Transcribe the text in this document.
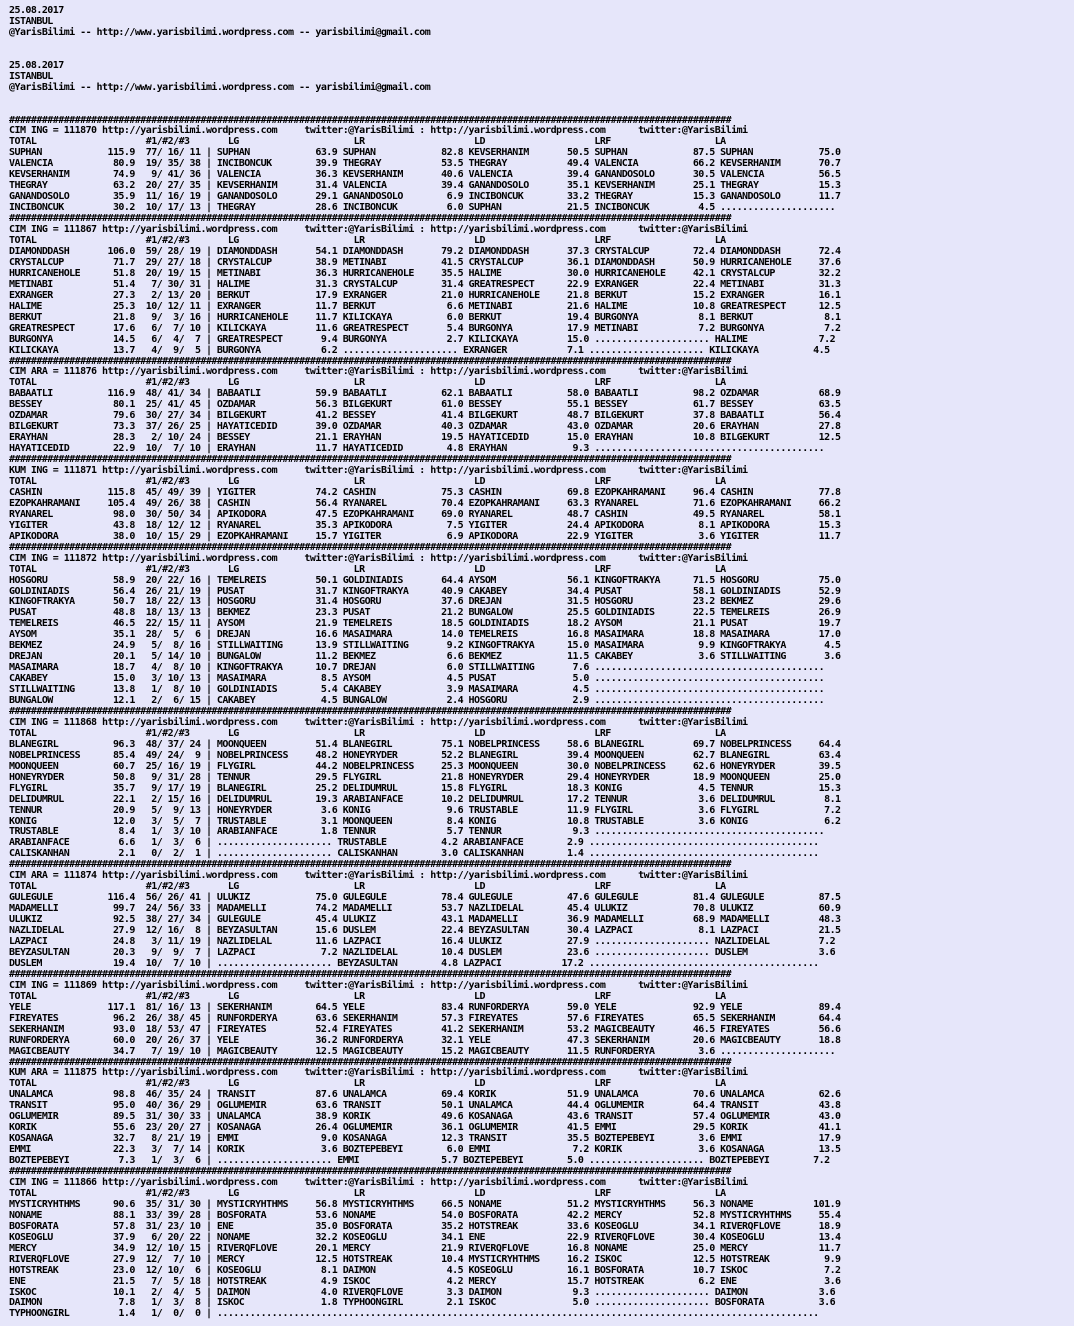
25.08.2017
ISTANBUL
@YarisBilimi -- http://www.yarisbilimi.wordpress.com -- yarisbilimi@gmail.com

25.08.2017
ISTANBUL
@YarisBilimi -- http://www.yarisbilimi.wordpress.com -- yarisbilimi@gmail.com

####################################################################################################################################
CIM ING = 111870 http://yarisbilimi.wordpress.com     twitter:@YarisBilimi : http://yarisbilimi.wordpress.com      twitter:@YarisBilimi
TOTAL                    #1/#2/#3       LG                     LR                    LD                    LRF                   LA
SUPHAN            115.9  77/ 16/ 11 | SUPHAN            63.9 SUPHAN            82.8 KEVSERHANIM       50.5 SUPHAN            87.5 SUPHAN            75.0
VALENCIA           80.9  19/ 35/ 38 | INCIBONCUK        39.9 THEGRAY           53.5 THEGRAY           49.4 VALENCIA          66.2 KEVSERHANIM       70.7
KEVSERHANIM        74.9   9/ 41/ 36 | VALENCIA          36.3 KEVSERHANIM       40.6 VALENCIA          39.4 GANANDOSOLO       30.5 VALENCIA          56.5
THEGRAY            63.2  20/ 27/ 35 | KEVSERHANIM       31.4 VALENCIA          39.4 GANANDOSOLO       35.1 KEVSERHANIM       25.1 THEGRAY           15.3
GANANDOSOLO        35.9  11/ 16/ 19 | GANANDOSOLO       29.1 GANANDOSOLO        6.9 INCIBONCUK        33.2 THEGRAY           15.3 GANANDOSOLO       11.7
INCIBONCUK         30.2  10/ 17/ 13 | THEGRAY           28.6 INCIBONCUK         6.0 SUPHAN            21.5 INCIBONCUK         4.5 .....................
####################################################################################################################################
CIM ING = 111867 http://yarisbilimi.wordpress.com     twitter:@YarisBilimi : http://yarisbilimi.wordpress.com      twitter:@YarisBilimi
TOTAL                    #1/#2/#3       LG                     LR                    LD                    LRF                   LA
DIAMONDDASH       106.0  59/ 28/ 19 | DIAMONDDASH       54.1 DIAMONDDASH       79.2 DIAMONDDASH       37.3 CRYSTALCUP        72.4 DIAMONDDASH       72.4
CRYSTALCUP         71.7  29/ 27/ 18 | CRYSTALCUP        38.9 METINABI          41.5 CRYSTALCUP        36.1 DIAMONDDASH       50.9 HURRICANEHOLE     37.6
HURRICANEHOLE      51.8  20/ 19/ 15 | METINABI          36.3 HURRICANEHOLE     35.5 HALIME            30.0 HURRICANEHOLE     42.1 CRYSTALCUP        32.2
METINABI           51.4   7/ 30/ 31 | HALIME            31.3 CRYSTALCUP        31.4 GREATRESPECT      22.9 EXRANGER          22.4 METINABI          31.3
EXRANGER           27.3   2/ 13/ 20 | BERKUT            17.9 EXRANGER          21.0 HURRICANEHOLE     21.8 BERKUT            15.2 EXRANGER          16.1
HALIME             25.3  10/ 12/ 11 | EXRANGER          11.7 BERKUT             6.6 METINABI          21.6 HALIME            10.8 GREATRESPECT      12.5
BERKUT             21.8   9/  3/ 16 | HURRICANEHOLE     11.7 KILICKAYA          6.0 BERKUT            19.4 BURGONYA           8.1 BERKUT             8.1
GREATRESPECT       17.6   6/  7/ 10 | KILICKAYA         11.6 GREATRESPECT       5.4 BURGONYA          17.9 METINABI           7.2 BURGONYA           7.2
BURGONYA           14.5   6/  4/  7 | GREATRESPECT       9.4 BURGONYA           2.7 KILICKAYA         15.0 ..................... HALIME             7.2
KILICKAYA          13.7   4/  9/  5 | BURGONYA           6.2 ..................... EXRANGER           7.1 ..................... KILICKAYA          4.5
####################################################################################################################################
CIM ARA = 111876 http://yarisbilimi.wordpress.com     twitter:@YarisBilimi : http://yarisbilimi.wordpress.com      twitter:@YarisBilimi
TOTAL                    #1/#2/#3       LG                     LR                    LD                    LRF                   LA
BABAATLI          116.9  48/ 41/ 34 | BABAATLI          59.9 BABAATLI          62.1 BABAATLI          58.0 BABAATLI          98.2 OZDAMAR           68.9
BESSEY             80.1  25/ 41/ 45 | OZDAMAR           56.3 BILGEKURT         61.0 BESSEY            55.1 BESSEY            61.7 BESSEY            63.5
OZDAMAR            79.6  30/ 27/ 34 | BILGEKURT         41.2 BESSEY            41.4 BILGEKURT         48.7 BILGEKURT         37.8 BABAATLI          56.4
BILGEKURT          73.3  37/ 26/ 25 | HAYATICEDID       39.0 OZDAMAR           40.3 OZDAMAR           43.0 OZDAMAR           20.6 ERAYHAN           27.8
ERAYHAN            28.3   2/ 10/ 24 | BESSEY            21.1 ERAYHAN           19.5 HAYATICEDID       15.0 ERAYHAN           10.8 BILGEKURT         12.5
HAYATICEDID        22.9  10/  7/ 10 | ERAYHAN           11.7 HAYATICEDID        4.8 ERAYHAN            9.3 ..........................................
####################################################################################################################################
KUM ING = 111871 http://yarisbilimi.wordpress.com     twitter:@YarisBilimi : http://yarisbilimi.wordpress.com      twitter:@YarisBilimi
TOTAL                    #1/#2/#3       LG                     LR                    LD                    LRF                   LA
CASHIN            115.8  45/ 49/ 39 | YIGITER           74.2 CASHIN            75.3 CASHIN            69.8 EZOPKAHRAMANI     96.4 CASHIN            77.8
EZOPKAHRAMANI     105.4  49/ 26/ 38 | CASHIN            56.4 RYANAREL          70.4 EZOPKAHRAMANI     63.3 RYANAREL          71.6 EZOPKAHRAMANI     66.2
RYANAREL           98.0  30/ 50/ 34 | APIKODORA         47.5 EZOPKAHRAMANI     69.0 RYANAREL          48.7 CASHIN            49.5 RYANAREL          58.1
YIGITER            43.8  18/ 12/ 12 | RYANAREL          35.3 APIKODORA          7.5 YIGITER           24.4 APIKODORA          8.1 APIKODORA         15.3
APIKODORA          38.0  10/ 15/ 29 | EZOPKAHRAMANI     15.7 YIGITER            6.9 APIKODORA         22.9 YIGITER            3.6 YIGITER           11.7
####################################################################################################################################
CIM ING = 111872 http://yarisbilimi.wordpress.com     twitter:@YarisBilimi : http://yarisbilimi.wordpress.com      twitter:@YarisBilimi
TOTAL                    #1/#2/#3       LG                     LR                    LD                    LRF                   LA
HOSGORU            58.9  20/ 22/ 16 | TEMELREIS         50.1 GOLDINIADIS       64.4 AYSOM             56.1 KINGOFTRAKYA      71.5 HOSGORU           75.0
GOLDINIADIS        56.4  26/ 21/ 19 | PUSAT             31.7 KINGOFTRAKYA      40.9 CAKABEY           34.4 PUSAT             58.1 GOLDINIADIS       52.9
KINGOFTRAKYA       50.7  18/ 22/ 13 | HOSGORU           31.4 HOSGORU           37.6 DREJAN            31.5 HOSGORU           23.2 BEKMEZ            29.6
PUSAT              48.8  18/ 13/ 13 | BEKMEZ            23.3 PUSAT             21.2 BUNGALOW          25.5 GOLDINIADIS       22.5 TEMELREIS         26.9
TEMELREIS          46.5  22/ 15/ 11 | AYSOM             21.9 TEMELREIS         18.5 GOLDINIADIS       18.2 AYSOM             21.1 PUSAT             19.7
AYSOM              35.1  28/  5/  6 | DREJAN            16.6 MASAIMARA         14.0 TEMELREIS         16.8 MASAIMARA         18.8 MASAIMARA         17.0
BEKMEZ             24.9   5/  8/ 16 | STILLWAITING      13.9 STILLWAITING       9.2 KINGOFTRAKYA      15.0 MASAIMARA          9.9 KINGOFTRAKYA       4.5
DREJAN             20.1   5/ 14/ 10 | BUNGALOW          11.2 BEKMEZ             6.6 BEKMEZ            11.5 CAKABEY            3.6 STILLWAITING       3.6
MASAIMARA          18.7   4/  8/ 10 | KINGOFTRAKYA      10.7 DREJAN             6.0 STILLWAITING       7.6 ..........................................
CAKABEY            15.0   3/ 10/ 13 | MASAIMARA          8.5 AYSOM              4.5 PUSAT              5.0 ..........................................
STILLWAITING       13.8   1/  8/ 10 | GOLDINIADIS        5.4 CAKABEY            3.9 MASAIMARA          4.5 ..........................................
BUNGALOW           12.1   2/  6/ 15 | CAKABEY            4.5 BUNGALOW           2.4 HOSGORU            2.9 ..........................................
####################################################################################################################################
CIM ING = 111868 http://yarisbilimi.wordpress.com     twitter:@YarisBilimi : http://yarisbilimi.wordpress.com      twitter:@YarisBilimi
TOTAL                    #1/#2/#3       LG                     LR                    LD                    LRF                   LA
BLANEGIRL          96.3  48/ 37/ 24 | MOONQUEEN         51.4 BLANEGIRL         75.1 NOBELPRINCESS     58.6 BLANEGIRL         69.7 NOBELPRINCESS     64.4
NOBELPRINCESS      85.4  49/ 24/  9 | NOBELPRINCESS     48.2 HONEYRYDER        52.2 BLANEGIRL         39.4 MOONQUEEN         62.7 BLANEGIRL         63.4
MOONQUEEN          60.7  25/ 16/ 19 | FLYGIRL           44.2 NOBELPRINCESS     25.3 MOONQUEEN         30.0 NOBELPRINCESS     62.6 HONEYRYDER        39.5
HONEYRYDER         50.8   9/ 31/ 28 | TENNUR            29.5 FLYGIRL           21.8 HONEYRYDER        29.4 HONEYRYDER        18.9 MOONQUEEN         25.0
FLYGIRL            35.7   9/ 17/ 19 | BLANEGIRL         25.2 DELIDUMRUL        15.8 FLYGIRL           18.3 KONIG              4.5 TENNUR            15.3
DELIDUMRUL         22.1   2/ 15/ 16 | DELIDUMRUL        19.3 ARABIANFACE       10.2 DELIDUMRUL        17.2 TENNUR             3.6 DELIDUMRUL         8.1
TENNUR             20.9   5/  9/ 13 | HONEYRYDER         3.6 KONIG              9.6 TRUSTABLE         11.9 FLYGIRL            3.6 FLYGIRL            7.2
KONIG              12.0   3/  5/  7 | TRUSTABLE          3.1 MOONQUEEN          8.4 KONIG             10.8 TRUSTABLE          3.6 KONIG              6.2
TRUSTABLE           8.4   1/  3/ 10 | ARABIANFACE        1.8 TENNUR             5.7 TENNUR             9.3 ..........................................
ARABIANFACE         6.6   1/  3/  6 | ..................... TRUSTABLE          4.2 ARABIANFACE        2.9 ..........................................
CALISKANHAN         2.1   0/  2/  1 | ..................... CALISKANHAN        3.0 CALISKANHAN        1.4 ..........................................
####################################################################################################################################
CIM ARA = 111874 http://yarisbilimi.wordpress.com     twitter:@YarisBilimi : http://yarisbilimi.wordpress.com      twitter:@YarisBilimi
TOTAL                    #1/#2/#3       LG                     LR                    LD                    LRF                   LA
GULEGULE          116.4  56/ 26/ 41 | ULUKIZ            75.0 GULEGULE          78.4 GULEGULE          47.6 GULEGULE          81.4 GULEGULE          87.5
MADAMELLI          99.7  24/ 56/ 33 | MADAMELLI         74.2 MADAMELLI         53.7 NAZLIDELAL        45.4 ULUKIZ            70.8 ULUKIZ            60.9
ULUKIZ             92.5  38/ 27/ 34 | GULEGULE          45.4 ULUKIZ            43.1 MADAMELLI         36.9 MADAMELLI         68.9 MADAMELLI         48.3
NAZLIDELAL         27.9  12/ 16/  8 | BEYZASULTAN       15.6 DUSLEM            22.4 BEYZASULTAN       30.4 LAZPACI            8.1 LAZPACI           21.5
LAZPACI            24.8   3/ 11/ 19 | NAZLIDELAL        11.6 LAZPACI           16.4 ULUKIZ            27.9 ..................... NAZLIDELAL         7.2
BEYZASULTAN        20.3   9/  9/  7 | LAZPACI            7.2 NAZLIDELAL        10.4 DUSLEM            23.6 ..................... DUSLEM             3.6
DUSLEM             19.4  10/  7/ 10 | ..................... BEYZASULTAN        4.8 LAZPACI           17.2 ..........................................
####################################################################################################################################
CIM ING = 111869 http://yarisbilimi.wordpress.com     twitter:@YarisBilimi : http://yarisbilimi.wordpress.com      twitter:@YarisBilimi
TOTAL                    #1/#2/#3       LG                     LR                    LD                    LRF                   LA
YELE              117.1  81/ 16/ 13 | SEKERHANIM        64.5 YELE              83.4 RUNFORDERYA       59.0 YELE              92.9 YELE              89.4
FIREYATES          96.2  26/ 38/ 45 | RUNFORDERYA       63.6 SEKERHANIM        57.3 FIREYATES         57.6 FIREYATES         65.5 SEKERHANIM        64.4
SEKERHANIM         93.0  18/ 53/ 47 | FIREYATES         52.4 FIREYATES         41.2 SEKERHANIM        53.2 MAGICBEAUTY       46.5 FIREYATES         56.6
RUNFORDERYA        60.0  20/ 26/ 37 | YELE              36.2 RUNFORDERYA       32.1 YELE              47.3 SEKERHANIM        20.6 MAGICBEAUTY       18.8
MAGICBEAUTY        34.7   7/ 19/ 10 | MAGICBEAUTY       12.5 MAGICBEAUTY       15.2 MAGICBEAUTY       11.5 RUNFORDERYA        3.6 .....................
####################################################################################################################################
KUM ARA = 111875 http://yarisbilimi.wordpress.com     twitter:@YarisBilimi : http://yarisbilimi.wordpress.com      twitter:@YarisBilimi
TOTAL                    #1/#2/#3       LG                     LR                    LD                    LRF                   LA
UNALAMCA           98.8  46/ 35/ 24 | TRANSIT           87.6 UNALAMCA          69.4 KORIK             51.9 UNALAMCA          70.6 UNALAMCA          62.6
TRANSIT            95.0  40/ 36/ 29 | OGLUMEMIR         63.6 TRANSIT           50.1 UNALAMCA          44.4 OGLUMEMIR         64.4 TRANSIT           43.8
OGLUMEMIR          89.5  31/ 30/ 33 | UNALAMCA          38.9 KORIK             49.6 KOSANAGA          43.6 TRANSIT           57.4 OGLUMEMIR         43.0
KORIK              55.6  23/ 20/ 27 | KOSANAGA          26.4 OGLUMEMIR         36.1 OGLUMEMIR         41.5 EMMI              29.5 KORIK             41.1
KOSANAGA           32.7   8/ 21/ 19 | EMMI               9.0 KOSANAGA          12.3 TRANSIT           35.5 BOZTEPEBEYI        3.6 EMMI              17.9
EMMI               22.3   3/  7/ 14 | KORIK              3.6 BOZTEPEBEYI        6.0 EMMI               7.2 KORIK              3.6 KOSANAGA          13.5
BOZTEPEBEYI         7.3   1/  3/  6 | ..................... EMMI               5.7 BOZTEPEBEYI        5.0 ..................... BOZTEPEBEYI        7.2
####################################################################################################################################
CIM ING = 111866 http://yarisbilimi.wordpress.com     twitter:@YarisBilimi : http://yarisbilimi.wordpress.com      twitter:@YarisBilimi
TOTAL                    #1/#2/#3       LG                     LR                    LD                    LRF                   LA
MYSTICRYHTHMS      90.6  35/ 31/ 30 | MYSTICRYHTHMS     56.8 MYSTICRYHTHMS     66.5 NONAME            51.2 MYSTICRYHTHMS     56.3 NONAME           101.9
NONAME             88.1  33/ 39/ 28 | BOSFORATA         53.6 NONAME            54.0 BOSFORATA         42.2 MERCY             52.8 MYSTICRYHTHMS     55.4
BOSFORATA          57.8  31/ 23/ 10 | ENE               35.0 BOSFORATA         35.2 HOTSTREAK         33.6 KOSEOGLU          34.1 RIVERQFLOVE       18.9
KOSEOGLU           37.9   6/ 20/ 22 | NONAME            32.2 KOSEOGLU          34.1 ENE               22.9 RIVERQFLOVE       30.4 KOSEOGLU          13.4
MERCY              34.9  12/ 10/ 15 | RIVERQFLOVE       20.1 MERCY             21.9 RIVERQFLOVE       16.8 NONAME            25.0 MERCY             11.7
RIVERQFLOVE        27.9  12/  7/ 10 | MERCY             12.5 HOTSTREAK         10.4 MYSTICRYHTHMS     16.2 ISKOC             12.5 HOTSTREAK          9.9
HOTSTREAK          23.0  12/ 10/  6 | KOSEOGLU           8.1 DAIMON             4.5 KOSEOGLU          16.1 BOSFORATA         10.7 ISKOC              7.2
ENE                21.5   7/  5/ 18 | HOTSTREAK          4.9 ISKOC              4.2 MERCY             15.7 HOTSTREAK          6.2 ENE                3.6
ISKOC              10.1   2/  4/  5 | DAIMON             4.0 RIVERQFLOVE        3.3 DAIMON             9.3 ..................... DAIMON             3.6
DAIMON              7.8   1/  3/  8 | ISKOC              1.8 TYPHOONGIRL        2.1 ISKOC              5.0 ..................... BOSFORATA          3.6
TYPHOONGIRL         1.4   1/  0/  0 | ..............................................................................................................
